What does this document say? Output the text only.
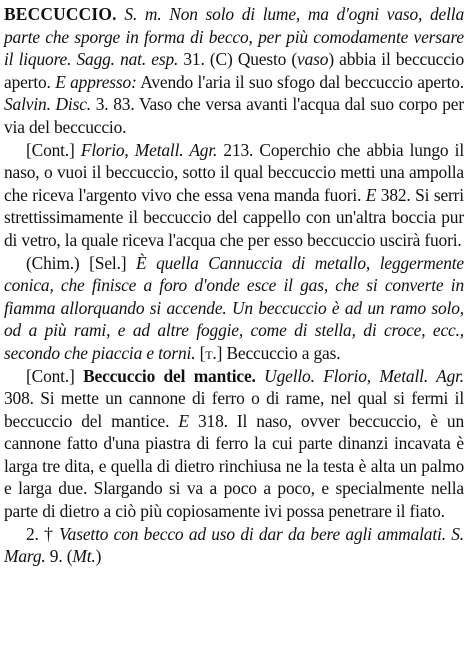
BECCUCCIO. S. m. Non solo di lume, ma d'ogni vaso, della parte che sporge in forma di becco, per più comodamente versare il liquore. Sagg. nat. esp. 31. (C) Questo (vaso) abbia il beccuccio aperto. E appresso: Avendo l'aria il suo sfogo dal beccuccio aperto. Salvin. Disc. 3. 83. Vaso che versa avanti l'acqua dal suo corpo per via del beccuccio.

[Cont.] Florio, Metall. Agr. 213. Coperchio che abbia lungo il naso, o vuoi il beccuccio, sotto il qual beccuccio metti una ampolla che riceva l'argento vivo che essa vena manda fuori. E 382. Si serri strettissimamente il beccuccio del cappello con un'altra boccia pur di vetro, la quale riceva l'acqua che per esso beccuccio uscirà fuori.

(Chim.) [Sel.] È quella Cannuccia di metallo, leggermente conica, che finisce a foro d'onde esce il gas, che si converte in fiamma allorquando si accende. Un beccuccio è ad un ramo solo, od a più rami, e ad altre foggie, come di stella, di croce, ecc., secondo che piaccia e torni. [t.] Beccuccio a gas.

[Cont.] Beccuccio del mantice. Ugello. Florio, Metall. Agr. 308. Si mette un cannone di ferro o di rame, nel qual si fermi il beccuccio del mantice. E 318. Il naso, ovver beccuccio, è un cannone fatto d'una piastra di ferro la cui parte dinanzi incavata è larga tre dita, e quella di dietro rinchiusa ne la testa è alta un palmo e larga due. Slargando si va a poco a poco, e specialmente nella parte di dietro a ciò più copiosamente ivi possa penetrare il fiato.

2. † Vasetto con becco ad uso di dar da bere agli ammalati. S. Marg. 9. (Mt.)
